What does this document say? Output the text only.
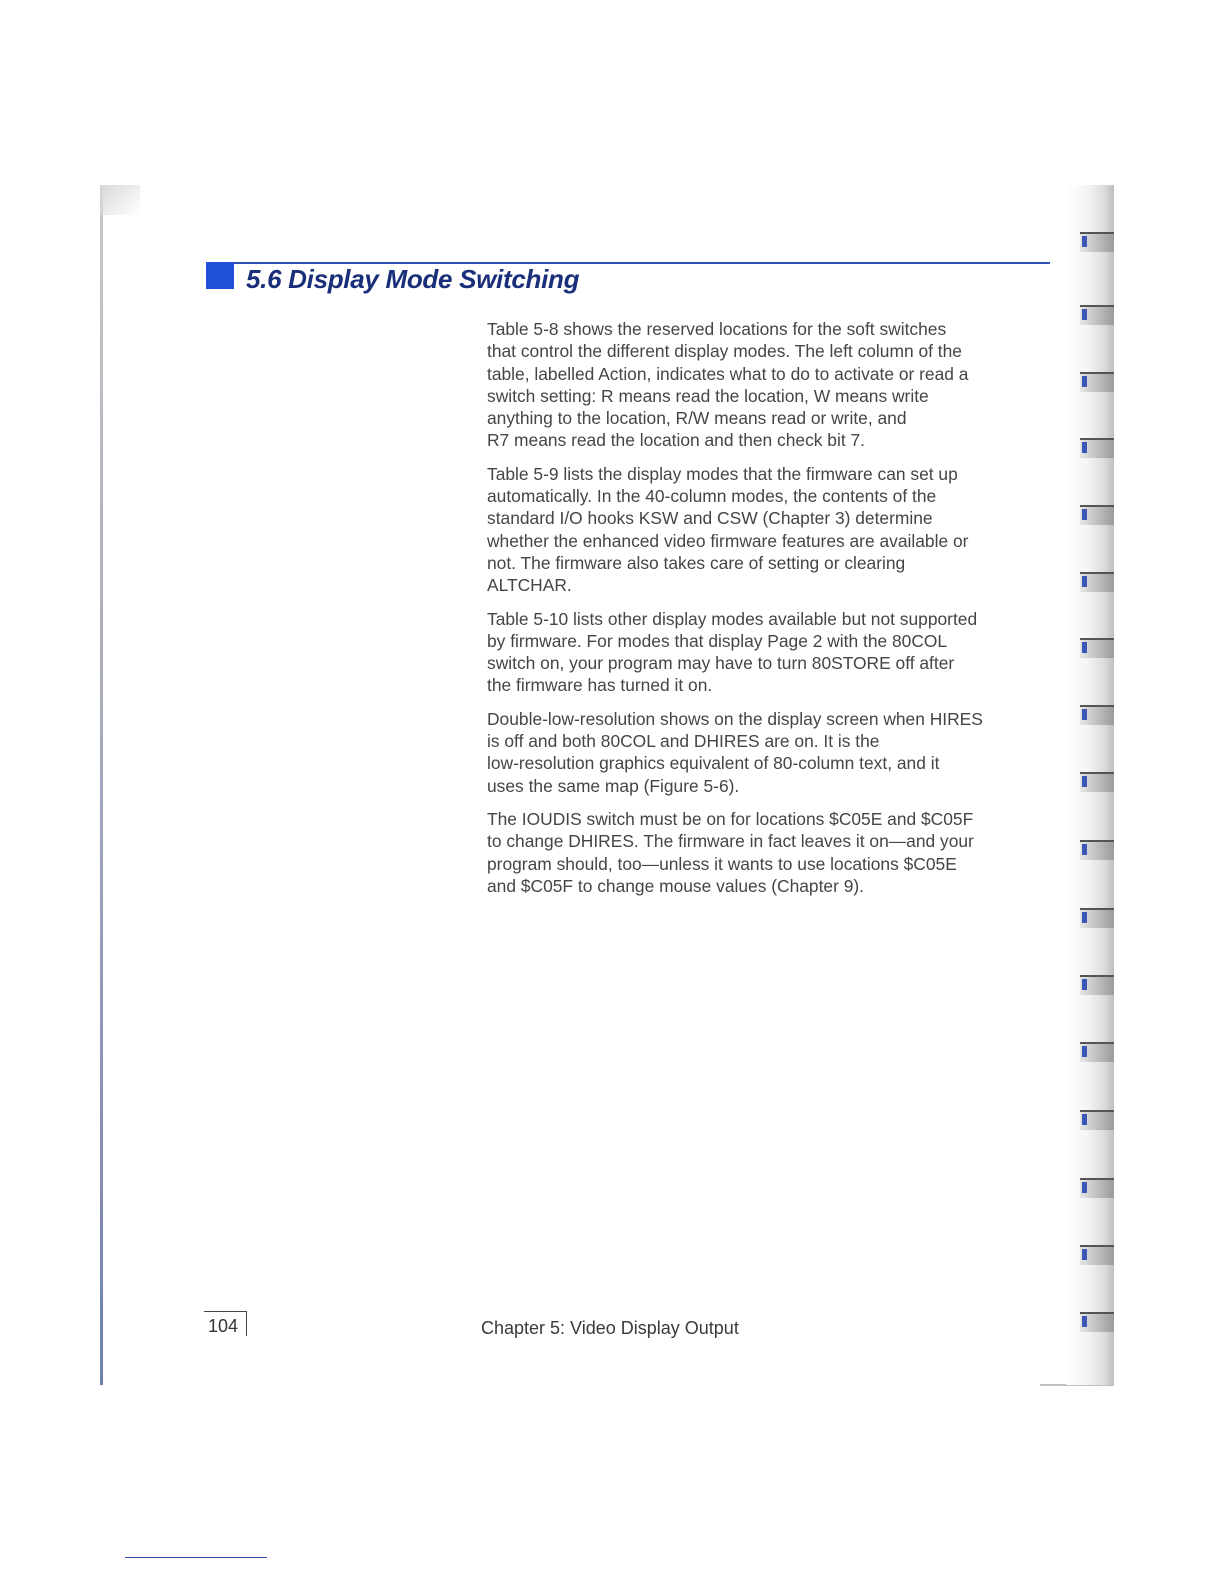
5.6 Display Mode Switching

Table 5-8 shows the reserved locations for the soft switches
that control the different display modes. The left column of the
table, labelled Action, indicates what to do to activate or read a
switch setting: R means read the location, W means write
anything to the location, R/W means read or write, and
R7 means read the location and then check bit 7.

Table 5-9 lists the display modes that the firmware can set up
automatically. In the 40-column modes, the contents of the
standard I/O hooks KSW and CSW (Chapter 3) determine
whether the enhanced video firmware features are available or
not. The firmware also takes care of setting or clearing
ALTCHAR.

Table 5-10 lists other display modes available but not supported
by firmware. For modes that display Page 2 with the 80COL
switch on, your program may have to turn 80STORE off after
the firmware has turned it on.

Double-low-resolution shows on the display screen when HIRES
is off and both 80COL and DHIRES are on. It is the
low-resolution graphics equivalent of 80-column text, and it
uses the same map (Figure 5-6).

The IOUDIS switch must be on for locations $C05E and $C05F
to change DHIRES. The firmware in fact leaves it on—and your
program should, too—unless it wants to use locations $C05E
and $C05F to change mouse values (Chapter 9).

104	Chapter 5: Video Display Output
